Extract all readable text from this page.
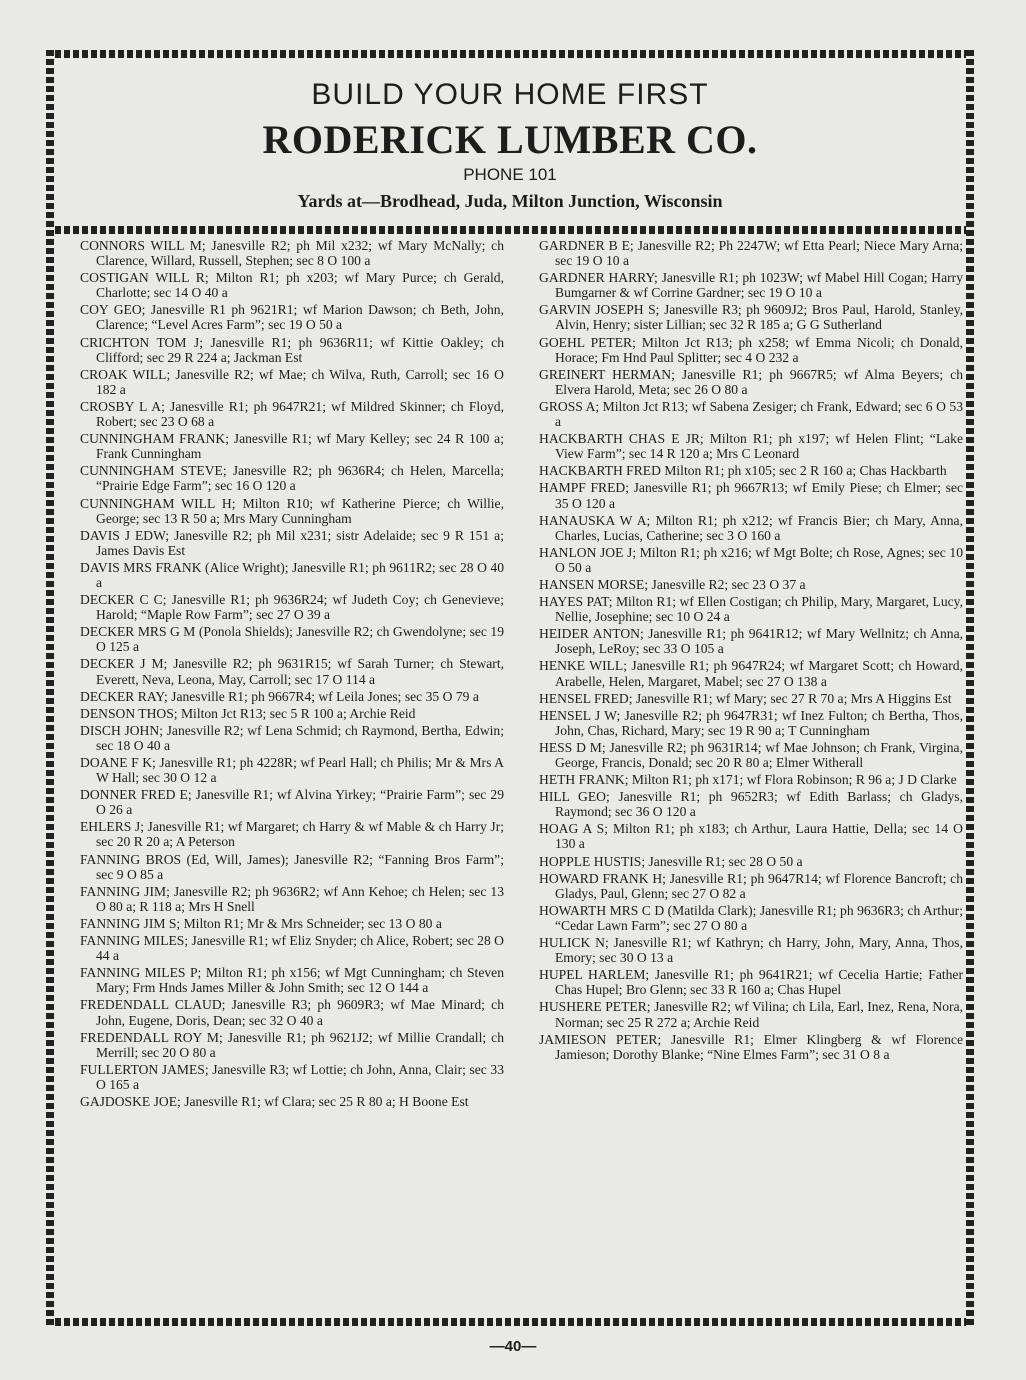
BUILD YOUR HOME FIRST
RODERICK LUMBER CO.
PHONE 101
Yards at—Brodhead, Juda, Milton Junction, Wisconsin
CONNORS WILL M; Janesville R2; ph Mil x232; wf Mary McNally; ch Clarence, Willard, Russell, Stephen; sec 8 O 100 a
COSTIGAN WILL R; Milton R1; ph x203; wf Mary Purce; ch Gerald, Charlotte; sec 14 O 40 a
COY GEO; Janesville R1 ph 9621R1; wf Marion Dawson; ch Beth, John, Clarence; “Level Acres Farm”; sec 19 O 50 a
CRICHTON TOM J; Janesville R1; ph 9636R11; wf Kittie Oakley; ch Clifford; sec 29 R 224 a; Jackman Est
CROAK WILL; Janesville R2; wf Mae; ch Wilva, Ruth, Carroll; sec 16 O 182 a
CROSBY L A; Janesville R1; ph 9647R21; wf Mildred Skinner; ch Floyd, Robert; sec 23 O 68 a
CUNNINGHAM FRANK; Janesville R1; wf Mary Kelley; sec 24 R 100 a; Frank Cunningham
CUNNINGHAM STEVE; Janesville R2; ph 9636R4; ch Helen, Marcella; “Prairie Edge Farm”; sec 16 O 120 a
CUNNINGHAM WILL H; Milton R10; wf Katherine Pierce; ch Willie, George; sec 13 R 50 a; Mrs Mary Cunningham
DAVIS J EDW; Janesville R2; ph Mil x231; sistr Adelaide; sec 9 R 151 a; James Davis Est
DAVIS MRS FRANK (Alice Wright); Janesville R1; ph 9611R2; sec 28 O 40 a
DECKER C C; Janesville R1; ph 9636R24; wf Judeth Coy; ch Genevieve; Harold; “Maple Row Farm”; sec 27 O 39 a
DECKER MRS G M (Ponola Shields); Janesville R2; ch Gwendolyne; sec 19 O 125 a
DECKER J M; Janesville R2; ph 9631R15; wf Sarah Turner; ch Stewart, Everett, Neva, Leona, May, Carroll; sec 17 O 114 a
DECKER RAY; Janesville R1; ph 9667R4; wf Leila Jones; sec 35 O 79 a
DENSON THOS; Milton Jct R13; sec 5 R 100 a; Archie Reid
DISCH JOHN; Janesville R2; wf Lena Schmid; ch Raymond, Bertha, Edwin; sec 18 O 40 a
DOANE F K; Janesville R1; ph 4228R; wf Pearl Hall; ch Philis; Mr & Mrs A W Hall; sec 30 O 12 a
DONNER FRED E; Janesville R1; wf Alvina Yirkey; “Prairie Farm”; sec 29 O 26 a
EHLERS J; Janesville R1; wf Margaret; ch Harry & wf Mable & ch Harry Jr; sec 20 R 20 a; A Peterson
FANNING BROS (Ed, Will, James); Janesville R2; “Fanning Bros Farm”; sec 9 O 85 a
FANNING JIM; Janesville R2; ph 9636R2; wf Ann Kehoe; ch Helen; sec 13 O 80 a; R 118 a; Mrs H Snell
FANNING JIM S; Milton R1; Mr & Mrs Schneider; sec 13 O 80 a
FANNING MILES; Janesville R1; wf Eliz Snyder; ch Alice, Robert; sec 28 O 44 a
FANNING MILES P; Milton R1; ph x156; wf Mgt Cunningham; ch Steven Mary; Frm Hnds James Miller & John Smith; sec 12 O 144 a
FREDENDALL CLAUD; Janesville R3; ph 9609R3; wf Mae Minard; ch John, Eugene, Doris, Dean; sec 32 O 40 a
FREDENDALL ROY M; Janesville R1; ph 9621J2; wf Millie Crandall; ch Merrill; sec 20 O 80 a
FULLERTON JAMES; Janesville R3; wf Lottie; ch John, Anna, Clair; sec 33 O 165 a
GAJDOSKE JOE; Janesville R1; wf Clara; sec 25 R 80 a; H Boone Est
GARDNER B E; Janesville R2; Ph 2247W; wf Etta Pearl; Niece Mary Arna; sec 19 O 10 a
GARDNER HARRY; Janesville R1; ph 1023W; wf Mabel Hill Cogan; Harry Bumgarner & wf Corrine Gardner; sec 19 O 10 a
GARVIN JOSEPH S; Janesville R3; ph 9609J2; Bros Paul, Harold, Stanley, Alvin, Henry; sister Lillian; sec 32 R 185 a; G G Sutherland
GOEHL PETER; Milton Jct R13; ph x258; wf Emma Nicoli; ch Donald, Horace; Fm Hnd Paul Splitter; sec 4 O 232 a
GREINERT HERMAN; Janesville R1; ph 9667R5; wf Alma Beyers; ch Elvera Harold, Meta; sec 26 O 80 a
GROSS A; Milton Jct R13; wf Sabena Zesiger; ch Frank, Edward; sec 6 O 53 a
HACKBARTH CHAS E JR; Milton R1; ph x197; wf Helen Flint; “Lake View Farm”; sec 14 R 120 a; Mrs C Leonard
HACKBARTH FRED Milton R1; ph x105; sec 2 R 160 a; Chas Hackbarth
HAMPF FRED; Janesville R1; ph 9667R13; wf Emily Piese; ch Elmer; sec 35 O 120 a
HANAUSKA W A; Milton R1; ph x212; wf Francis Bier; ch Mary, Anna, Charles, Lucias, Catherine; sec 3 O 160 a
HANLON JOE J; Milton R1; ph x216; wf Mgt Bolte; ch Rose, Agnes; sec 10 O 50 a
HANSEN MORSE; Janesville R2; sec 23 O 37 a
HAYES PAT; Milton R1; wf Ellen Costigan; ch Philip, Mary, Margaret, Lucy, Nellie, Josephine; sec 10 O 24 a
HEIDER ANTON; Janesville R1; ph 9641R12; wf Mary Wellnitz; ch Anna, Joseph, LeRoy; sec 33 O 105 a
HENKE WILL; Janesville R1; ph 9647R24; wf Margaret Scott; ch Howard, Arabelle, Helen, Margaret, Mabel; sec 27 O 138 a
HENSEL FRED; Janesville R1; wf Mary; sec 27 R 70 a; Mrs A Higgins Est
HENSEL J W; Janesville R2; ph 9647R31; wf Inez Fulton; ch Bertha, Thos, John, Chas, Richard, Mary; sec 19 R 90 a; T Cunningham
HESS D M; Janesville R2; ph 9631R14; wf Mae Johnson; ch Frank, Virgina, George, Francis, Donald; sec 20 R 80 a; Elmer Witherall
HETH FRANK; Milton R1; ph x171; wf Flora Robinson; R 96 a; J D Clarke
HILL GEO; Janesville R1; ph 9652R3; wf Edith Barlass; ch Gladys, Raymond; sec 36 O 120 a
HOAG A S; Milton R1; ph x183; ch Arthur, Laura Hattie, Della; sec 14 O 130 a
HOPPLE HUSTIS; Janesville R1; sec 28 O 50 a
HOWARD FRANK H; Janesville R1; ph 9647R14; wf Florence Bancroft; ch Gladys, Paul, Glenn; sec 27 O 82 a
HOWARTH MRS C D (Matilda Clark); Janesville R1; ph 9636R3; ch Arthur; “Cedar Lawn Farm”; sec 27 O 80 a
HULICK N; Janesville R1; wf Kathryn; ch Harry, John, Mary, Anna, Thos, Emory; sec 30 O 13 a
HUPEL HARLEM; Janesville R1; ph 9641R21; wf Cecelia Hartie; Father Chas Hupel; Bro Glenn; sec 33 R 160 a; Chas Hupel
HUSHERE PETER; Janesville R2; wf Vilina; ch Lila, Earl, Inez, Rena, Nora, Norman; sec 25 R 272 a; Archie Reid
JAMIESON PETER; Janesville R1; Elmer Klingberg & wf Florence Jamieson; Dorothy Blanke; “Nine Elmes Farm”; sec 31 O 8 a
—40—
